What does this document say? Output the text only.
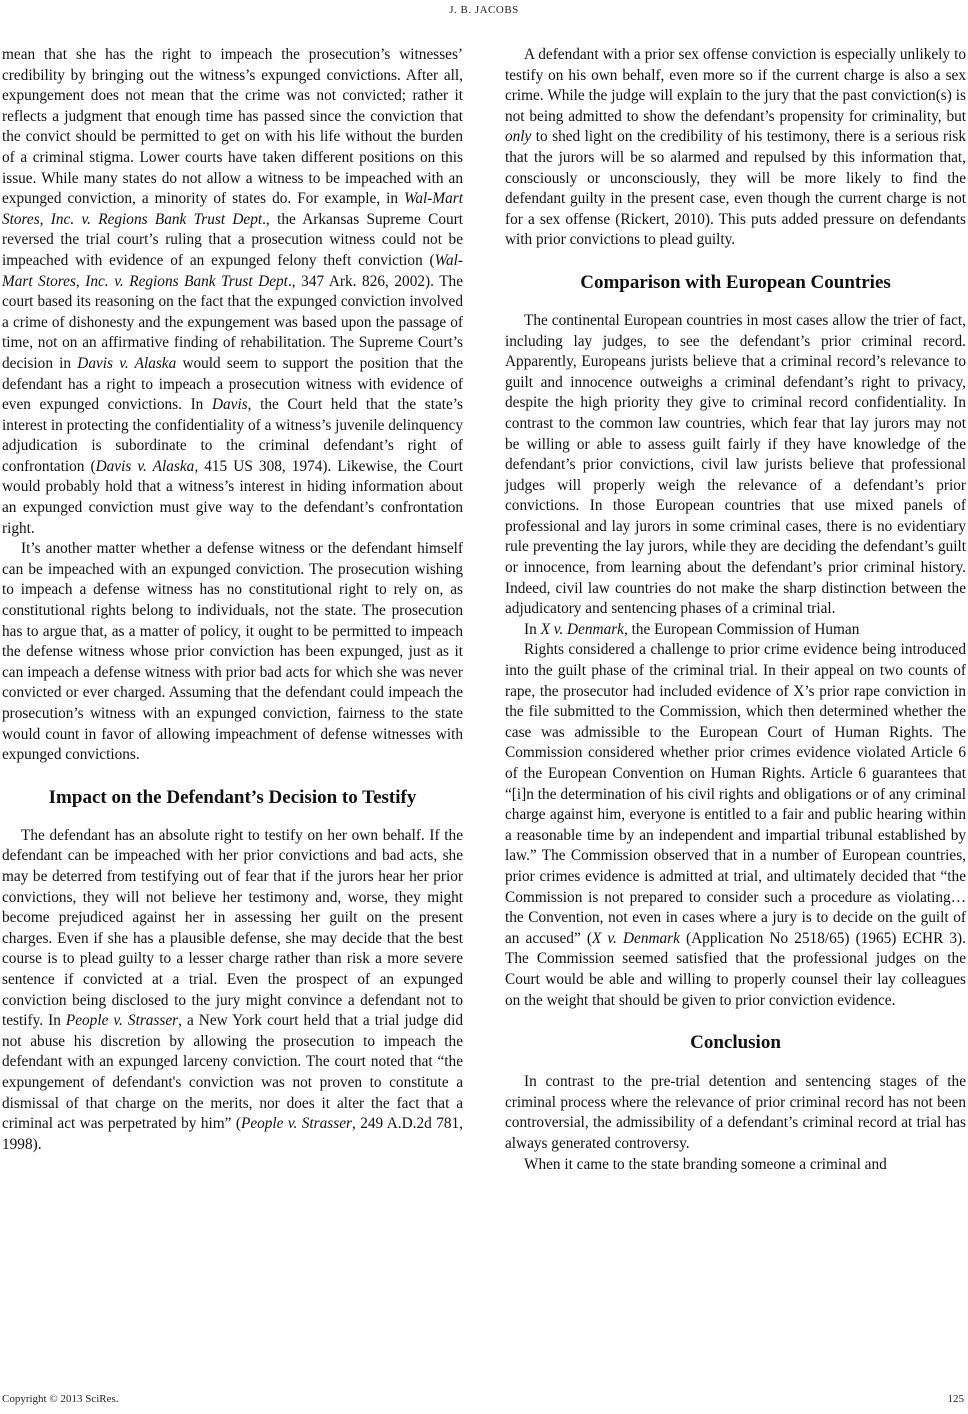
J. B. JACOBS

mean that she has the right to impeach the prosecution’s witnesses’ credibility by bringing out the witness’s expunged convictions. After all, expungement does not mean that the crime was not convicted; rather it reflects a judgment that enough time has passed since the conviction that the convict should be permitted to get on with his life without the burden of a criminal stigma. Lower courts have taken different positions on this issue. While many states do not allow a witness to be impeached with an expunged conviction, a minority of states do. For example, in Wal-Mart Stores, Inc. v. Regions Bank Trust Dept., the Arkansas Supreme Court reversed the trial court’s ruling that a prosecution witness could not be impeached with evidence of an expunged felony theft conviction (Wal-Mart Stores, Inc. v. Regions Bank Trust Dept., 347 Ark. 826, 2002). The court based its reasoning on the fact that the expunged conviction involved a crime of dishonesty and the expungement was based upon the passage of time, not on an affirmative finding of rehabilitation. The Supreme Court’s decision in Davis v. Alaska would seem to support the position that the defendant has a right to impeach a prosecution witness with evidence of even expunged convictions. In Davis, the Court held that the state’s interest in protecting the confidentiality of a witness’s juvenile delinquency adjudication is subordinate to the criminal defendant’s right of confrontation (Davis v. Alaska, 415 US 308, 1974). Likewise, the Court would probably hold that a witness’s interest in hiding information about an expunged conviction must give way to the defendant’s confrontation right.

It’s another matter whether a defense witness or the defendant himself can be impeached with an expunged conviction. The prosecution wishing to impeach a defense witness has no constitutional right to rely on, as constitutional rights belong to individuals, not the state. The prosecution has to argue that, as a matter of policy, it ought to be permitted to impeach the defense witness whose prior conviction has been expunged, just as it can impeach a defense witness with prior bad acts for which she was never convicted or ever charged. Assuming that the defendant could impeach the prosecution’s witness with an expunged conviction, fairness to the state would count in favor of allowing impeachment of defense witnesses with expunged convictions.

Impact on the Defendant’s Decision to Testify

The defendant has an absolute right to testify on her own behalf. If the defendant can be impeached with her prior convictions and bad acts, she may be deterred from testifying out of fear that if the jurors hear her prior convictions, they will not believe her testimony and, worse, they might become prejudiced against her in assessing her guilt on the present charges. Even if she has a plausible defense, she may decide that the best course is to plead guilty to a lesser charge rather than risk a more severe sentence if convicted at a trial. Even the prospect of an expunged conviction being disclosed to the jury might convince a defendant not to testify. In People v. Strasser, a New York court held that a trial judge did not abuse his discretion by allowing the prosecution to impeach the defendant with an expunged larceny conviction. The court noted that “the expungement of defendant's conviction was not proven to constitute a dismissal of that charge on the merits, nor does it alter the fact that a criminal act was perpetrated by him” (People v. Strasser, 249 A.D.2d 781, 1998).

A defendant with a prior sex offense conviction is especially unlikely to testify on his own behalf, even more so if the current charge is also a sex crime. While the judge will explain to the jury that the past conviction(s) is not being admitted to show the defendant’s propensity for criminality, but only to shed light on the credibility of his testimony, there is a serious risk that the jurors will be so alarmed and repulsed by this information that, consciously or unconsciously, they will be more likely to find the defendant guilty in the present case, even though the current charge is not for a sex offense (Rickert, 2010). This puts added pressure on defendants with prior convictions to plead guilty.

Comparison with European Countries

The continental European countries in most cases allow the trier of fact, including lay judges, to see the defendant’s prior criminal record. Apparently, Europeans jurists believe that a criminal record’s relevance to guilt and innocence outweighs a criminal defendant’s right to privacy, despite the high priority they give to criminal record confidentiality. In contrast to the common law countries, which fear that lay jurors may not be willing or able to assess guilt fairly if they have knowledge of the defendant’s prior convictions, civil law jurists believe that professional judges will properly weigh the relevance of a defendant’s prior convictions. In those European countries that use mixed panels of professional and lay jurors in some criminal cases, there is no evidentiary rule preventing the lay jurors, while they are deciding the defendant’s guilt or innocence, from learning about the defendant’s prior criminal history. Indeed, civil law countries do not make the sharp distinction between the adjudicatory and sentencing phases of a criminal trial.

In X v. Denmark, the European Commission of Human

Rights considered a challenge to prior crime evidence being introduced into the guilt phase of the criminal trial. In their appeal on two counts of rape, the prosecutor had included evidence of X’s prior rape conviction in the file submitted to the Commission, which then determined whether the case was admissible to the European Court of Human Rights. The Commission considered whether prior crimes evidence violated Article 6 of the European Convention on Human Rights. Article 6 guarantees that “[i]n the determination of his civil rights and obligations or of any criminal charge against him, everyone is entitled to a fair and public hearing within a reasonable time by an independent and impartial tribunal established by law.” The Commission observed that in a number of European countries, prior crimes evidence is admitted at trial, and ultimately decided that “the Commission is not prepared to consider such a procedure as violating… the Convention, not even in cases where a jury is to decide on the guilt of an accused” (X v. Denmark (Application No 2518/65) (1965) ECHR 3). The Commission seemed satisfied that the professional judges on the Court would be able and willing to properly counsel their lay colleagues on the weight that should be given to prior conviction evidence.

Conclusion

In contrast to the pre-trial detention and sentencing stages of the criminal process where the relevance of prior criminal record has not been controversial, the admissibility of a defendant’s criminal record at trial has always generated controversy.

When it came to the state branding someone a criminal and

Copyright © 2013 SciRes.	125
